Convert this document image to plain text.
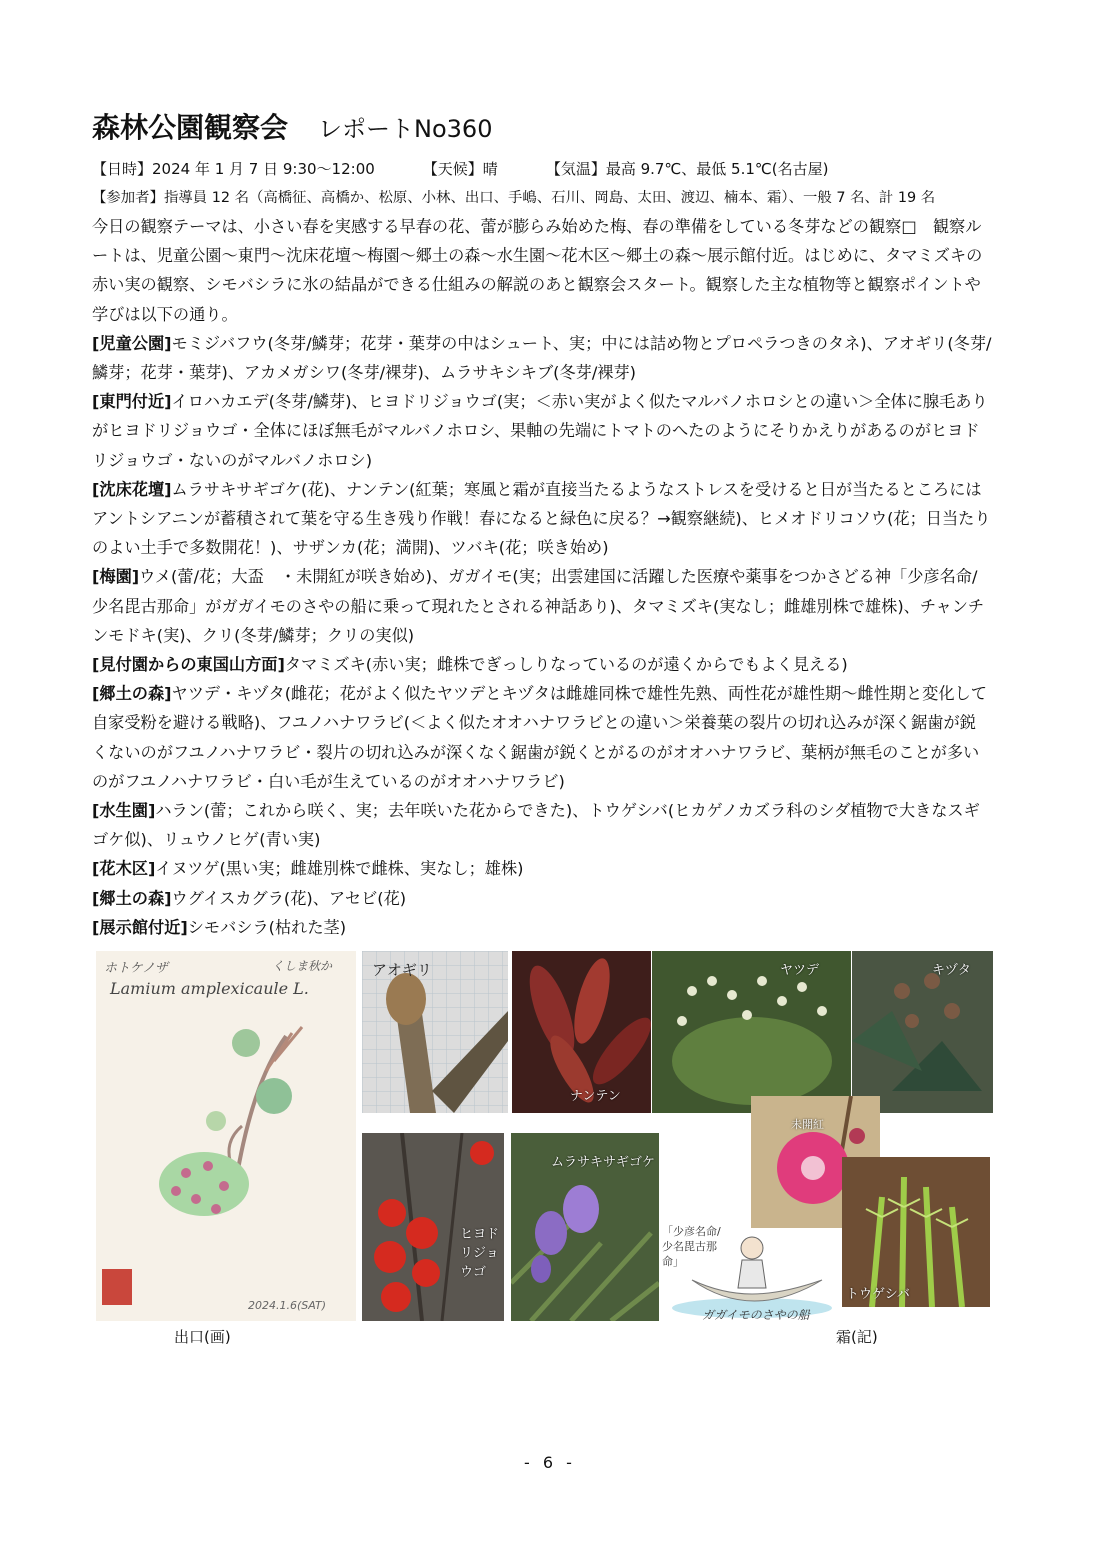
森林公園観察会 レポートNo360
【日時】2024 年 1 月 7 日 9:30～12:00	【天候】晴	【気温】最高 9.7℃、最低 5.1℃(名古屋)
【参加者】指導員 12 名（高橋征、高橋か、松原、小林、出口、手嶋、石川、岡島、太田、渡辺、楠本、霜）、一般 7 名、計 19 名

今日の観察テーマは、小さい春を実感する早春の花、蕾が膨らみ始めた梅、春の準備をしている冬芽などの観察□　観察ルートは、児童公園～東門～沈床花壇～梅園～郷土の森～水生園～花木区～郷土の森～展示館付近。はじめに、タマミズキの赤い実の観察、シモバシラに氷の結晶ができる仕組みの解説のあと観察会スタート。観察した主な植物等と観察ポイントや学びは以下の通り。

[児童公園]モミジバフウ(冬芽/鱗芽；花芽・葉芽の中はシュート、実；中には詰め物とプロペラつきのタネ)、アオギリ(冬芽/鱗芽；花芽・葉芽)、アカメガシワ(冬芽/裸芽)、ムラサキシキブ(冬芽/裸芽)

[東門付近]イロハカエデ(冬芽/鱗芽)、ヒヨドリジョウゴ(実；＜赤い実がよく似たマルバノホロシとの違い＞全体に腺毛ありがヒヨドリジョウゴ・全体にほぼ無毛がマルバノホロシ、果軸の先端にトマトのへたのようにそりかえりがあるのがヒヨドリジョウゴ・ないのがマルバノホロシ)

[沈床花壇]ムラサキサギゴケ(花)、ナンテン(紅葉；寒風と霜が直接当たるようなストレスを受けると日が当たるところにはアントシアニンが蓄積されて葉を守る生き残り作戦！春になると緑色に戻る？→観察継続)、ヒメオドリコソウ(花；日当たりのよい土手で多数開花！)、サザンカ(花；満開)、ツバキ(花；咲き始め)

[梅園]ウメ(蕾/花；大盃　・未開紅が咲き始め)、ガガイモ(実；出雲建国に活躍した医療や薬事をつかさどる神「少彦名命/少名毘古那命」がガガイモのさやの船に乗って現れたとされる神話あり)、タマミズキ(実なし；雌雄別株で雄株)、チャンチンモドキ(実)、クリ(冬芽/鱗芽；クリの実似)

[見付園からの東国山方面]タマミズキ(赤い実；雌株でぎっしりなっているのが遠くからでもよく見える)

[郷土の森]ヤツデ・キヅタ(雌花；花がよく似たヤツデとキヅタは雌雄同株で雄性先熟、両性花が雄性期～雌性期と変化して自家受粉を避ける戦略)、フユノハナワラビ(＜よく似たオオハナワラビとの違い＞栄養葉の裂片の切れ込みが深く鋸歯が鋭くないのがフユノハナワラビ・裂片の切れ込みが深くなく鋸歯が鋭くとがるのがオオハナワラビ、葉柄が無毛のことが多いのがフユノハナワラビ・白い毛が生えているのがオオハナワラビ)

[水生園]ハラン(蕾；これから咲く、実；去年咲いた花からできた)、トウゲシバ(ヒカゲノカズラ科のシダ植物で大きなスギゴケ似)、リュウノヒゲ(青い実)

[花木区]イヌツゲ(黒い実；雌雄別株で雌株、実なし；雄株)

[郷土の森]ウグイスカグラ(花)、アセビ(花)

[展示館付近]シモバシラ(枯れた茎)

ホトケノザ	くしま秋か
Lamium amplexicaule L.
2024.1.6(SAT)
アオギリ
ナンテン
ヤツデ	キヅタ
ヒヨドリジョウゴ
ムラサキサギゴケ
「少彦名命/少名毘古那命」
ガガイモのさやの船
未開紅
トウゲシバ
出口(画)	霜(記)
- 6 -
